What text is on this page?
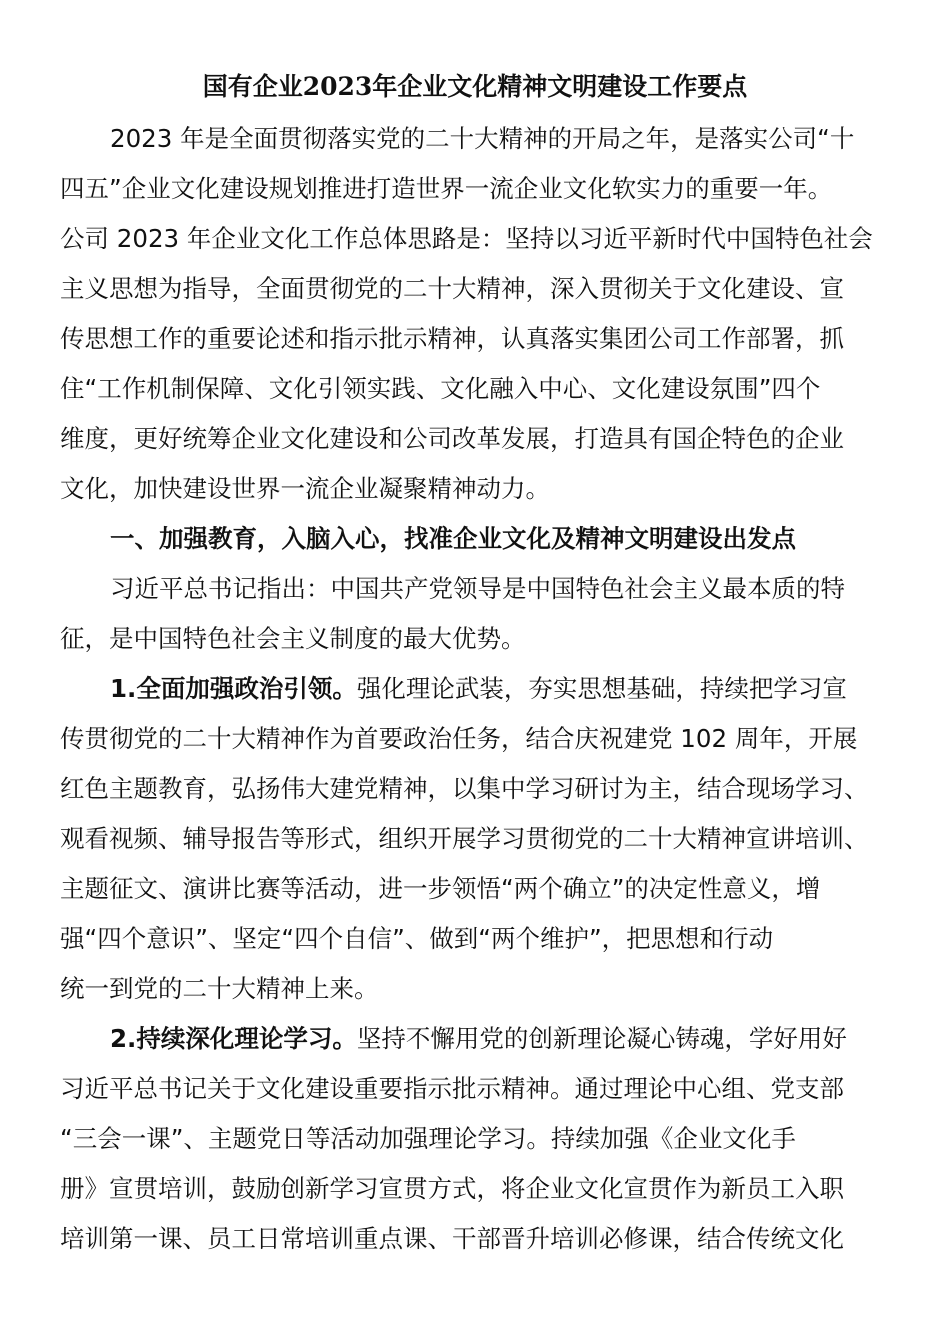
国有企业2023年企业文化精神文明建设工作要点

2023 年是全面贯彻落实党的二十大精神的开局之年，是落实公司“十

四五”企业文化建设规划推进打造世界一流企业文化软实力的重要一年。

公司 2023 年企业文化工作总体思路是：坚持以习近平新时代中国特色社会

主义思想为指导，全面贯彻党的二十大精神，深入贯彻关于文化建设、宣

传思想工作的重要论述和指示批示精神，认真落实集团公司工作部署，抓

住“工作机制保障、文化引领实践、文化融入中心、文化建设氛围”四个

维度，更好统筹企业文化建设和公司改革发展，打造具有国企特色的企业

文化，加快建设世界一流企业凝聚精神动力。

一、加强教育，入脑入心，找准企业文化及精神文明建设出发点

习近平总书记指出：中国共产党领导是中国特色社会主义最本质的特

征，是中国特色社会主义制度的最大优势。

1.全面加强政治引领。强化理论武装，夯实思想基础，持续把学习宣

传贯彻党的二十大精神作为首要政治任务，结合庆祝建党 102 周年，开展

红色主题教育，弘扬伟大建党精神，以集中学习研讨为主，结合现场学习、

观看视频、辅导报告等形式，组织开展学习贯彻党的二十大精神宣讲培训、

主题征文、演讲比赛等活动，进一步领悟“两个确立”的决定性意义，增

强“四个意识”、坚定“四个自信”、做到“两个维护”，把思想和行动

统一到党的二十大精神上来。

2.持续深化理论学习。坚持不懈用党的创新理论凝心铸魂，学好用好

习近平总书记关于文化建设重要指示批示精神。通过理论中心组、党支部

“三会一课”、主题党日等活动加强理论学习。持续加强《企业文化手

册》宣贯培训，鼓励创新学习宣贯方式，将企业文化宣贯作为新员工入职

培训第一课、员工日常培训重点课、干部晋升培训必修课，结合传统文化
